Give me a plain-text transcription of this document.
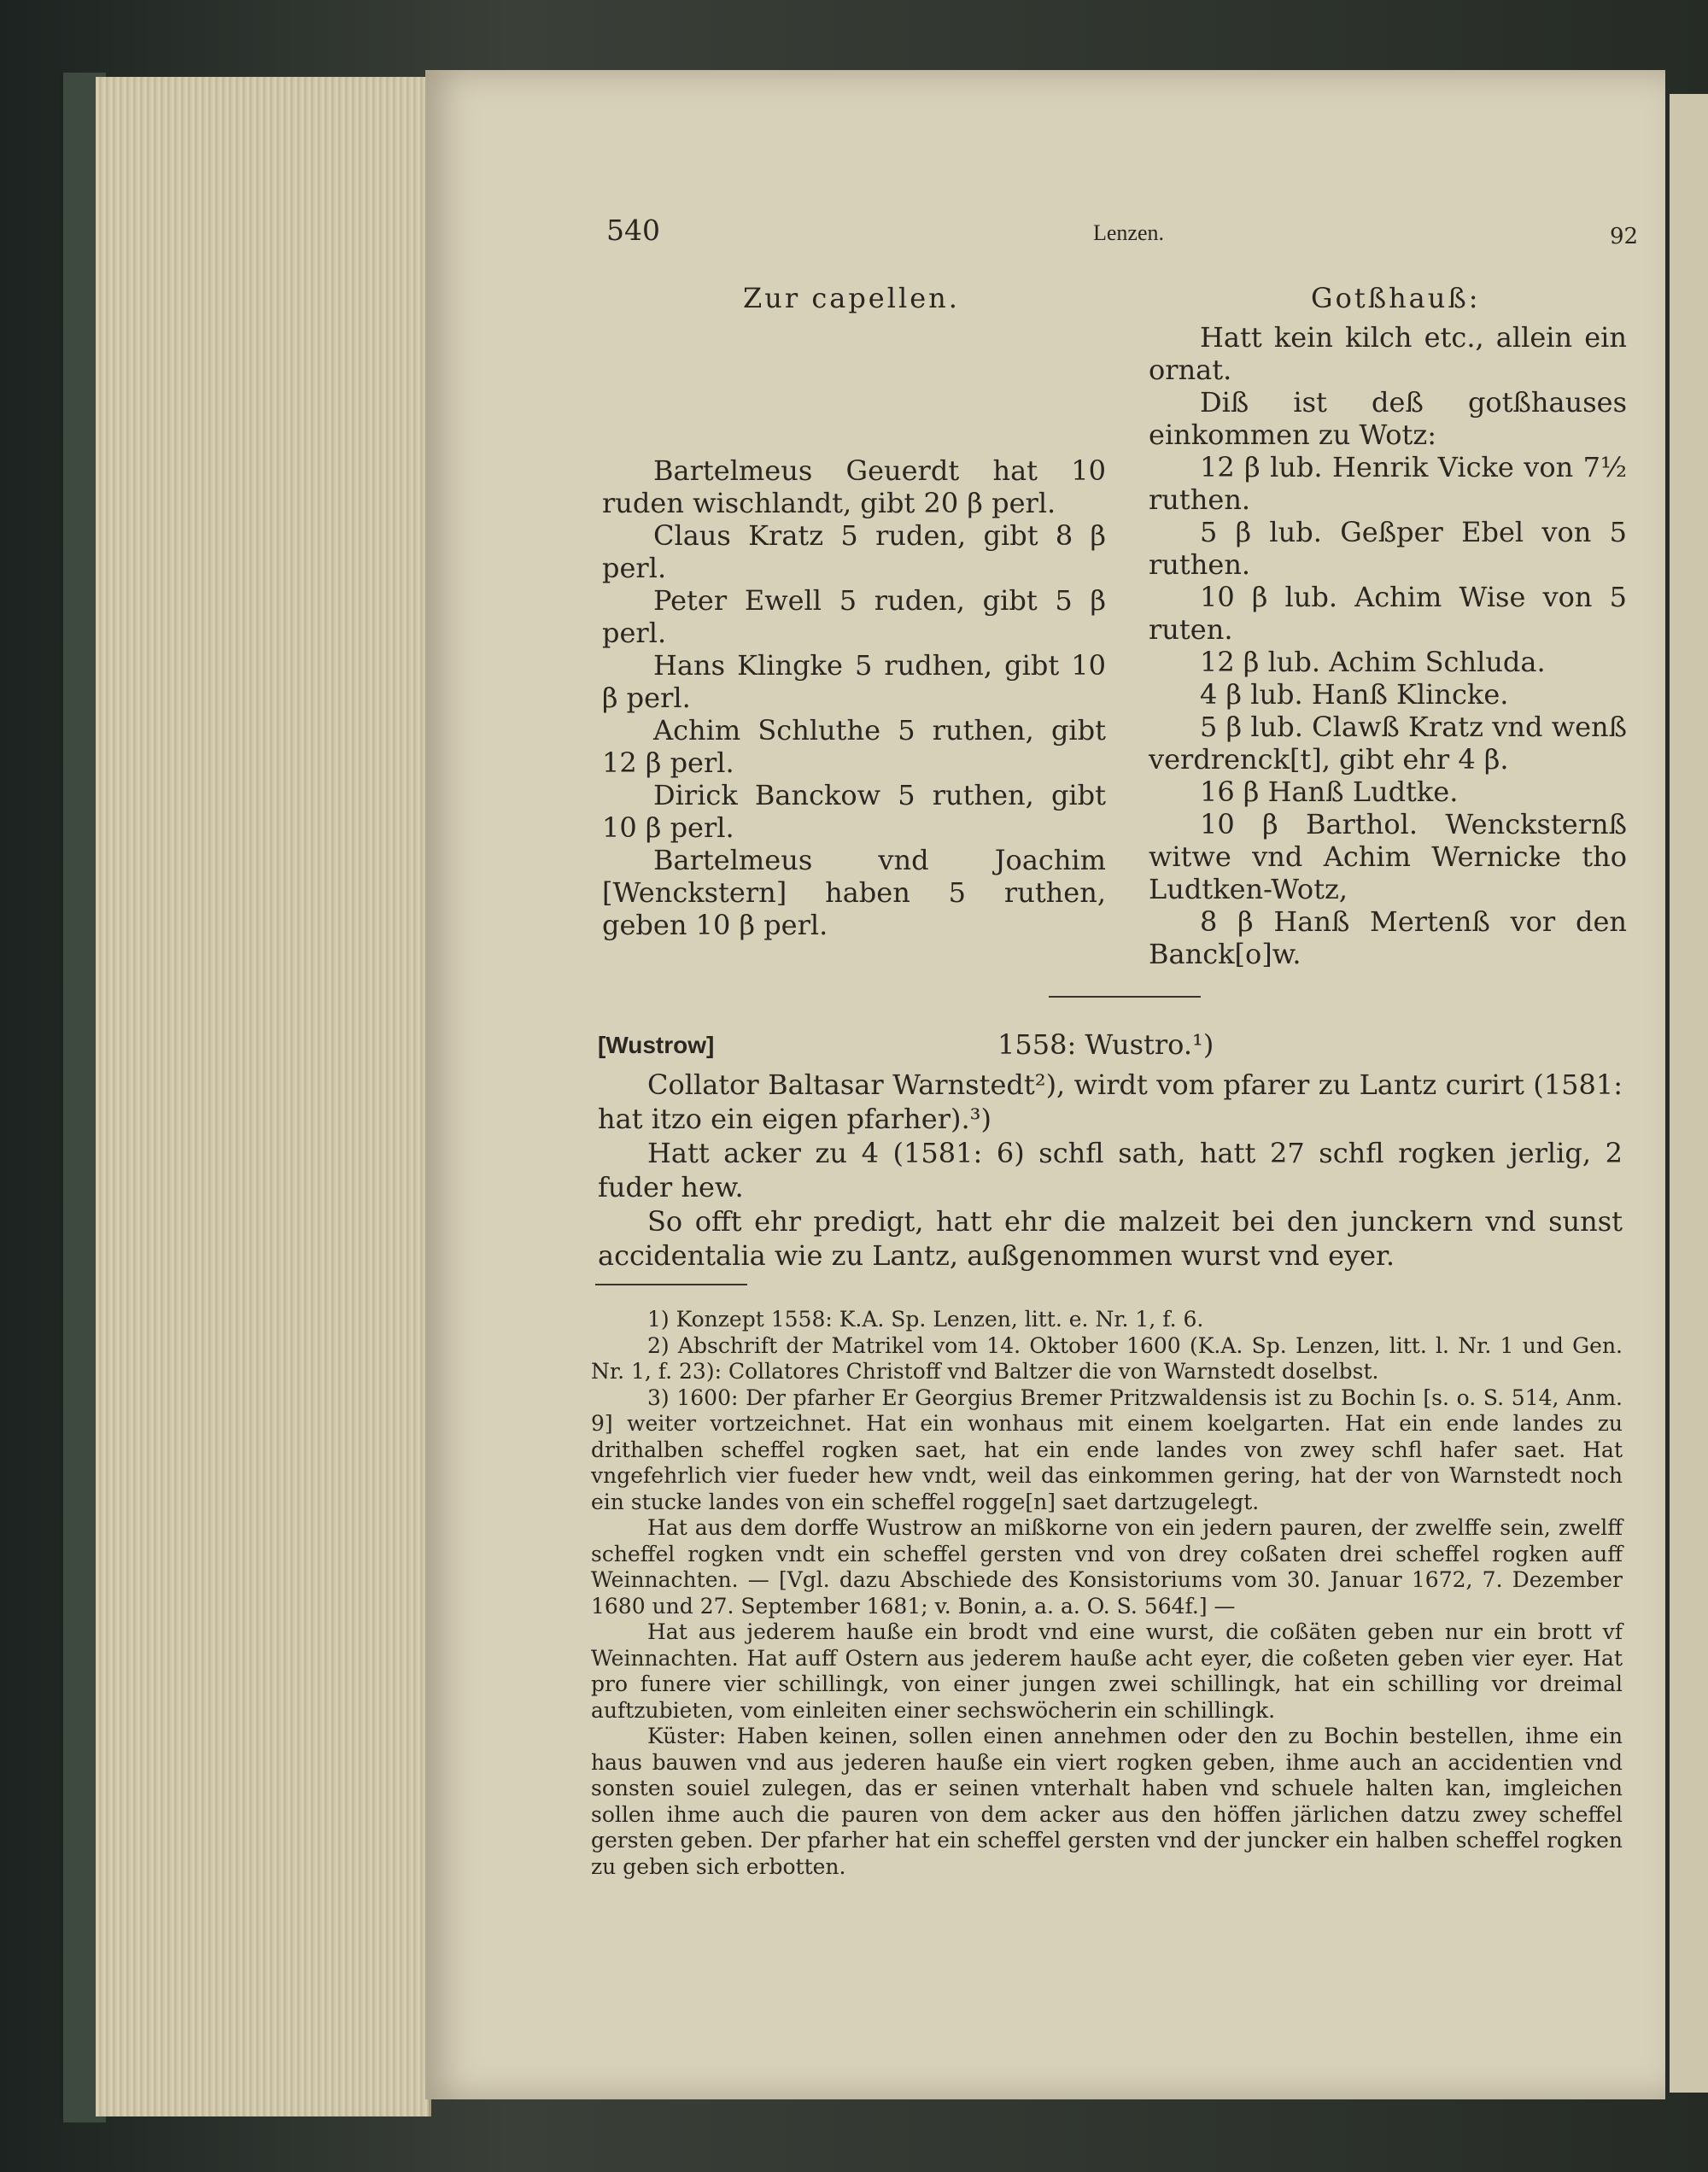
540	Lenzen.	92
Zur capellen.	Gotßhauß:

Bartelmeus Geuerdt hat 10 ruden wischlandt, gibt 20 β perl.

Claus Kratz 5 ruden, gibt 8 β perl.

Peter Ewell 5 ruden, gibt 5 β perl.

Hans Klingke 5 rudhen, gibt 10 β perl.

Achim Schluthe 5 ruthen, gibt 12 β perl.

Dirick Banckow 5 ruthen, gibt 10 β perl.

Bartelmeus vnd Joachim [Wenckstern] haben 5 ruthen, geben 10 β perl.

Hatt kein kilch etc., allein ein ornat.

Diß ist deß gotßhauses einkommen zu Wotz:

12 β lub. Henrik Vicke von 7½ ruthen.

5 β lub. Geßper Ebel von 5 ruthen.

10 β lub. Achim Wise von 5 ruten.

12 β lub. Achim Schluda.

4 β lub. Hanß Klincke.

5 β lub. Clawß Kratz vnd wenß verdrenck[t], gibt ehr 4 β.

16 β Hanß Ludtke.

10 β Barthol. Wencksternß witwe vnd Achim Wernicke tho Ludtken-Wotz,

8 β Hanß Mertenß vor den Banck[o]w.

[Wustrow]	1558: Wustro.¹)

Collator Baltasar Warnstedt²), wirdt vom pfarer zu Lantz curirt (1581: hat itzo ein eigen pfarher).³)

Hatt acker zu 4 (1581: 6) schfl sath, hatt 27 schfl rogken jerlig, 2 fuder hew.

So offt ehr predigt, hatt ehr die malzeit bei den junckern vnd sunst accidentalia wie zu Lantz, außgenommen wurst vnd eyer.

1) Konzept 1558: K.A. Sp. Lenzen, litt. e. Nr. 1, f. 6.

2) Abschrift der Matrikel vom 14. Oktober 1600 (K.A. Sp. Lenzen, litt. l. Nr. 1 und Gen. Nr. 1, f. 23): Collatores Christoff vnd Baltzer die von Warnstedt doselbst.

3) 1600: Der pfarher Er Georgius Bremer Pritzwaldensis ist zu Bochin [s. o. S. 514, Anm. 9] weiter vortzeichnet. Hat ein wonhaus mit einem koelgarten. Hat ein ende landes zu drithalben scheffel rogken saet, hat ein ende landes von zwey schfl hafer saet. Hat vngefehrlich vier fueder hew vndt, weil das einkommen gering, hat der von Warnstedt noch ein stucke landes von ein scheffel rogge[n] saet dartzugelegt.

Hat aus dem dorffe Wustrow an mißkorne von ein jedern pauren, der zwelffe sein, zwelff scheffel rogken vndt ein scheffel gersten vnd von drey coßaten drei scheffel rogken auff Weinnachten. — [Vgl. dazu Abschiede des Konsistoriums vom 30. Januar 1672, 7. Dezember 1680 und 27. September 1681; v. Bonin, a. a. O. S. 564f.] —

Hat aus jederem hauße ein brodt vnd eine wurst, die coßäten geben nur ein brott vf Weinnachten. Hat auff Ostern aus jederem hauße acht eyer, die coßeten geben vier eyer. Hat pro funere vier schillingk, von einer jungen zwei schillingk, hat ein schilling vor dreimal auftzubieten, vom einleiten einer sechswöcherin ein schillingk.

Küster: Haben keinen, sollen einen annehmen oder den zu Bochin bestellen, ihme ein haus bauwen vnd aus jederen hauße ein viert rogken geben, ihme auch an accidentien vnd sonsten souiel zulegen, das er seinen vnterhalt haben vnd schuele halten kan, imgleichen sollen ihme auch die pauren von dem acker aus den höffen järlichen datzu zwey scheffel gersten geben. Der pfarher hat ein scheffel gersten vnd der juncker ein halben scheffel rogken zu geben sich erbotten.
